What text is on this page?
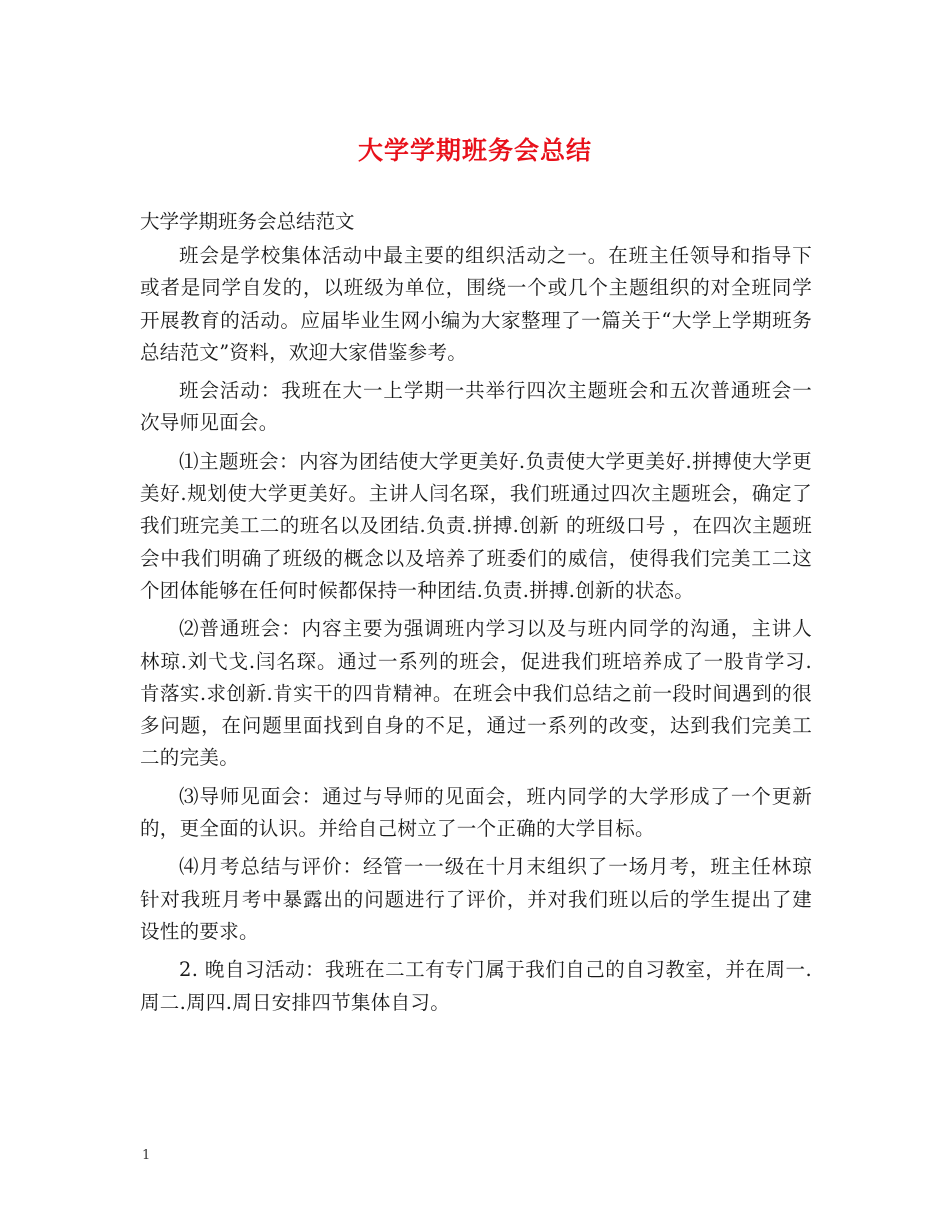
大学学期班务会总结

大学学期班务会总结范文

班会是学校集体活动中最主要的组织活动之一。在班主任领导和指导下或者是同学自发的，以班级为单位，围绕一个或几个主题组织的对全班同学开展教育的活动。应届毕业生网小编为大家整理了一篇关于“大学上学期班务总结范文”资料，欢迎大家借鉴参考。

班会活动：我班在大一上学期一共举行四次主题班会和五次普通班会一次导师见面会。

⑴主题班会：内容为团结使大学更美好.负责使大学更美好.拼搏使大学更美好.规划使大学更美好。主讲人闫名琛，我们班通过四次主题班会，确定了我们班完美工二的班名以及团结.负责.拼搏.创新 的班级口号 ，在四次主题班会中我们明确了班级的概念以及培养了班委们的威信，使得我们完美工二这个团体能够在任何时候都保持一种团结.负责.拼搏.创新的状态。

⑵普通班会：内容主要为强调班内学习以及与班内同学的沟通，主讲人林琼.刘弋戈.闫名琛。通过一系列的班会，促进我们班培养成了一股肯学习.肯落实.求创新.肯实干的四肯精神。在班会中我们总结之前一段时间遇到的很多问题，在问题里面找到自身的不足，通过一系列的改变，达到我们完美工二的完美。

⑶导师见面会：通过与导师的见面会，班内同学的大学形成了一个更新的，更全面的认识。并给自己树立了一个正确的大学目标。

⑷月考总结与评价：经管一一级在十月末组织了一场月考，班主任林琼针对我班月考中暴露出的问题进行了评价，并对我们班以后的学生提出了建设性的要求。

2. 晚自习活动：我班在二工有专门属于我们自己的自习教室，并在周一.周二.周四.周日安排四节集体自习。

1
